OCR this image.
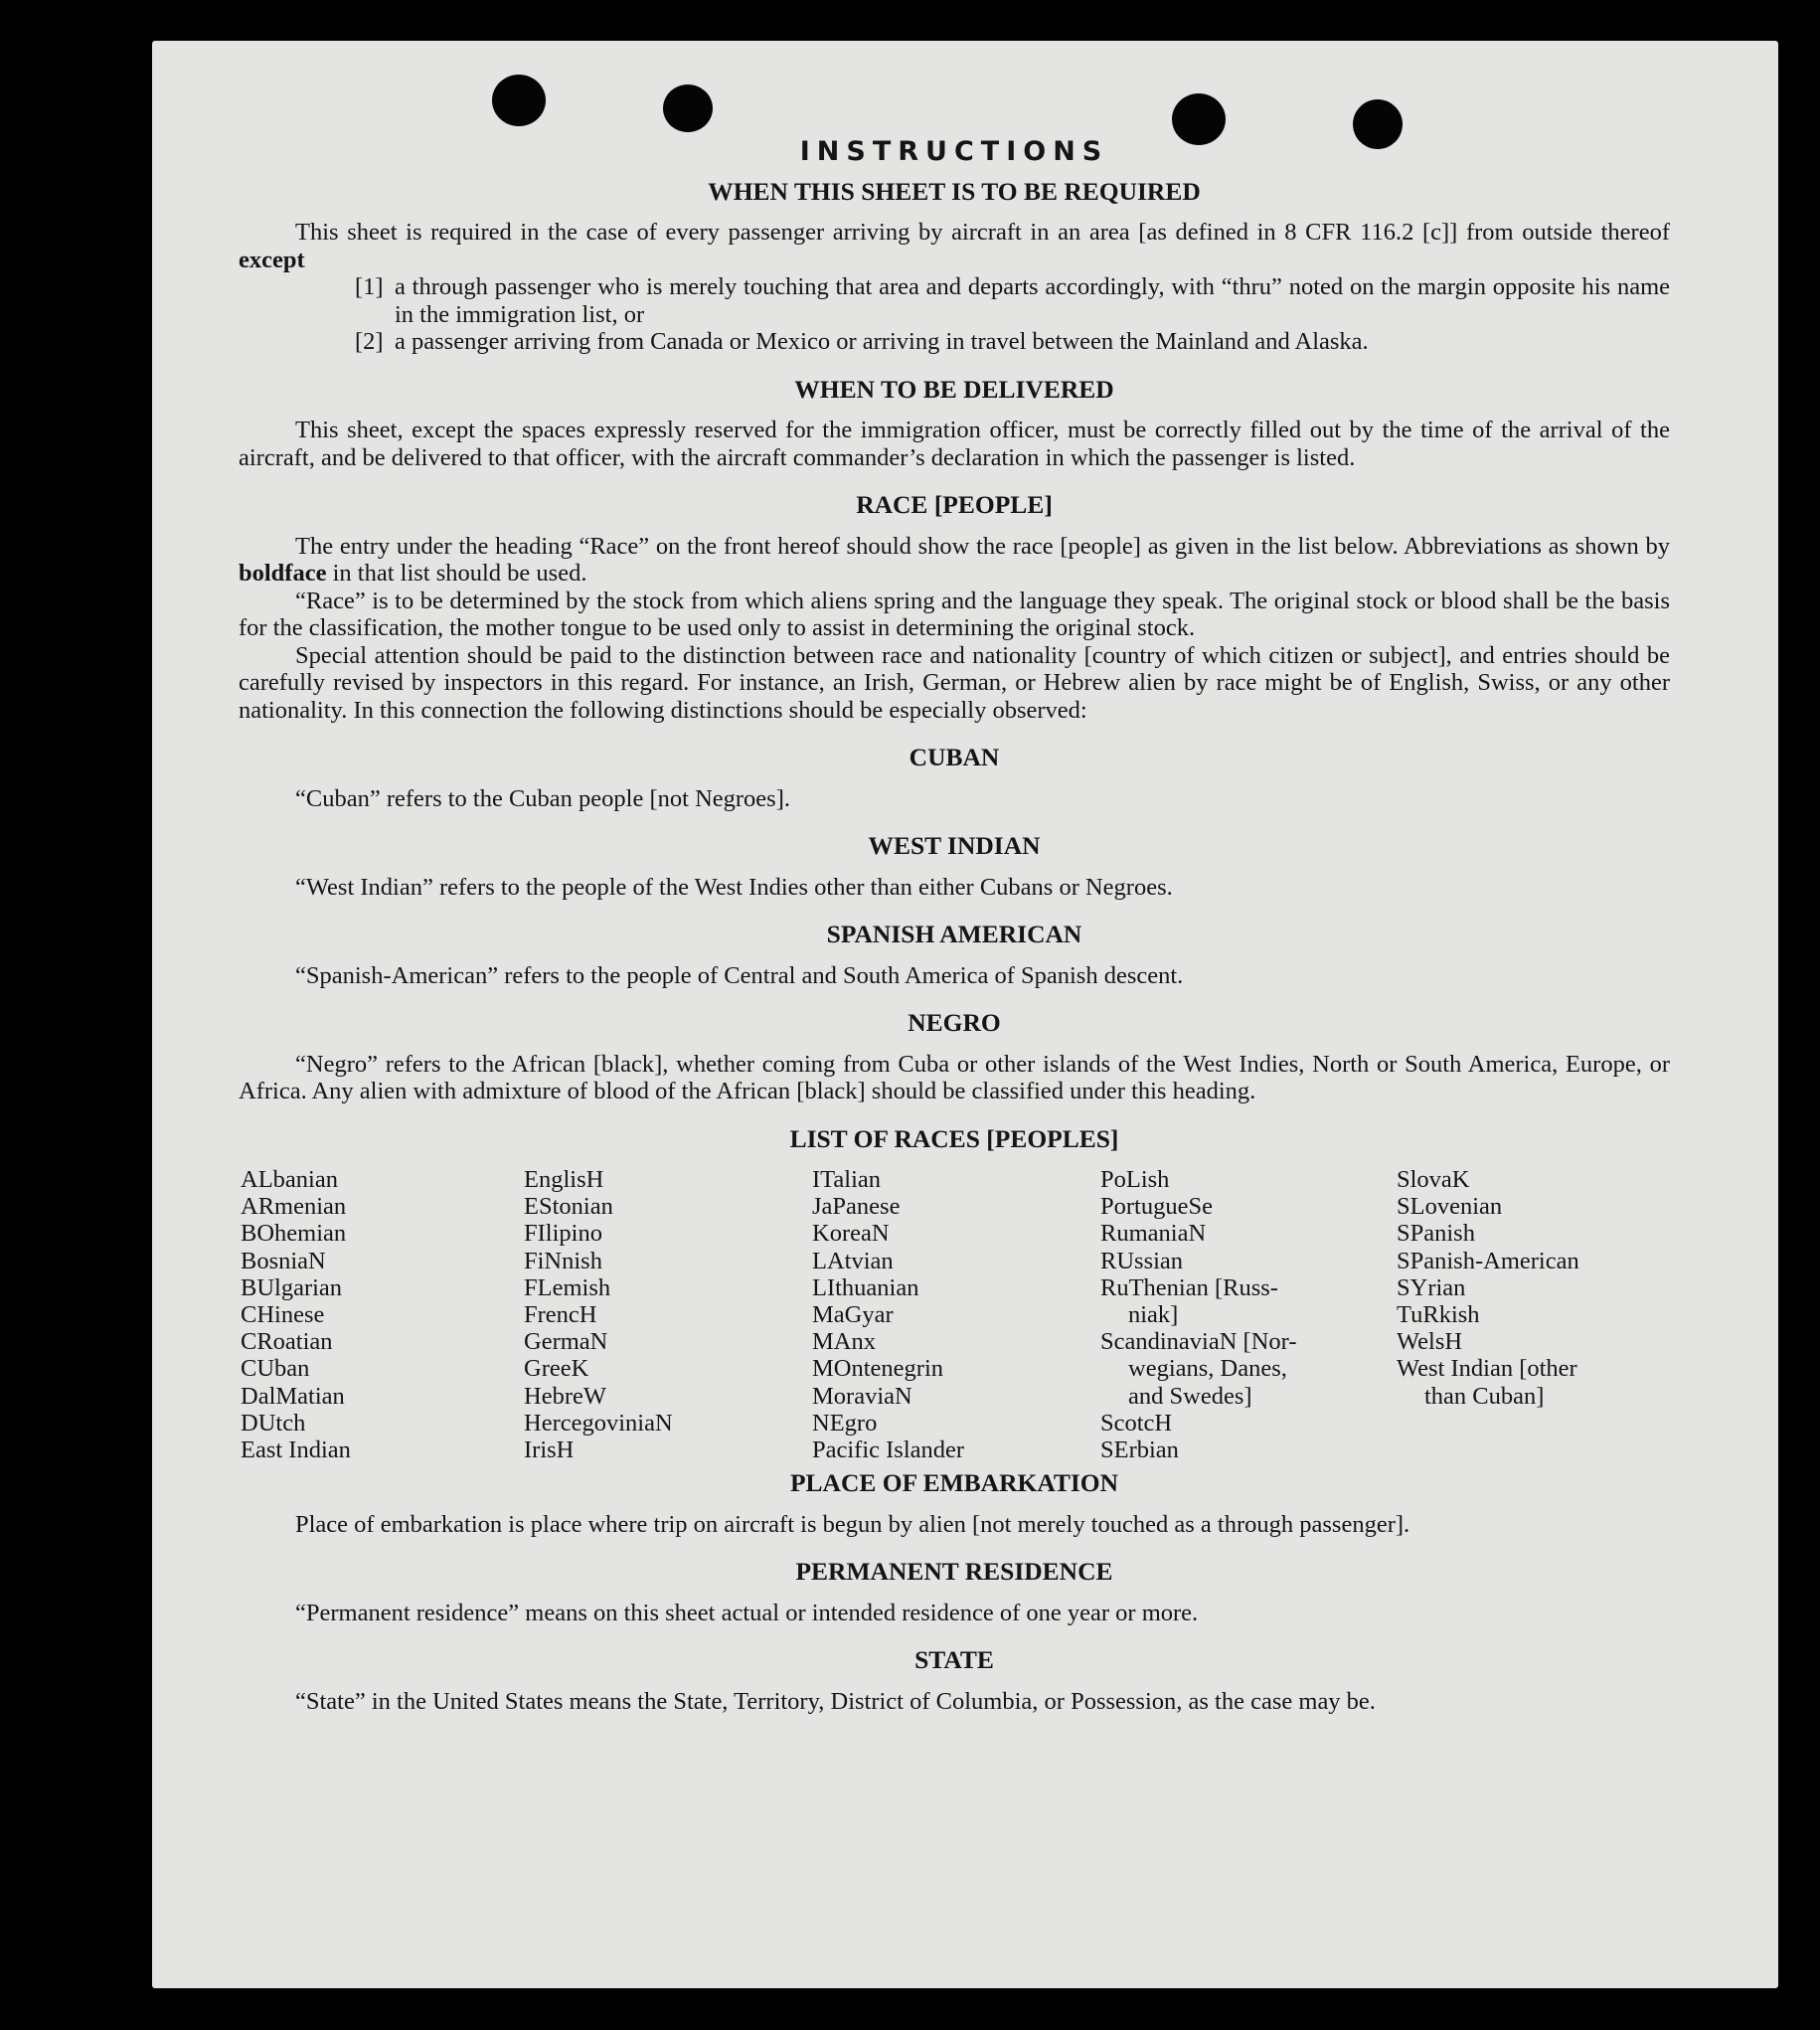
INSTRUCTIONS
WHEN THIS SHEET IS TO BE REQUIRED

This sheet is required in the case of every passenger arriving by aircraft in an area [as defined in 8 CFR 116.2 [c]] from outside thereof except

[1] a through passenger who is merely touching that area and departs accordingly, with “thru” noted on the margin opposite his name in the immigration list, or
[2] a passenger arriving from Canada or Mexico or arriving in travel between the Mainland and Alaska.
WHEN TO BE DELIVERED

This sheet, except the spaces expressly reserved for the immigration officer, must be correctly filled out by the time of the arrival of the aircraft, and be delivered to that officer, with the aircraft commander’s declaration in which the passenger is listed.

RACE [PEOPLE]

The entry under the heading “Race” on the front hereof should show the race [people] as given in the list below. Abbreviations as shown by boldface in that list should be used.

“Race” is to be determined by the stock from which aliens spring and the language they speak. The original stock or blood shall be the basis for the classification, the mother tongue to be used only to assist in determining the original stock.

Special attention should be paid to the distinction between race and nationality [country of which citizen or subject], and entries should be carefully revised by inspectors in this regard. For instance, an Irish, German, or Hebrew alien by race might be of English, Swiss, or any other nationality. In this connection the following distinctions should be especially observed:

CUBAN

“Cuban” refers to the Cuban people [not Negroes].

WEST INDIAN

“West Indian” refers to the people of the West Indies other than either Cubans or Negroes.

SPANISH AMERICAN

“Spanish-American” refers to the people of Central and South America of Spanish descent.

NEGRO

“Negro” refers to the African [black], whether coming from Cuba or other islands of the West Indies, North or South America, Europe, or Africa. Any alien with admixture of blood of the African [black] should be classified under this heading.

LIST OF RACES [PEOPLES]
ALbanian
ARmenian
BOhemian
BosniaN
BUlgarian
CHinese
CRoatian
CUban
DalMatian
DUtch
East Indian
EnglisH
EStonian
FIlipino
FiNnish
FLemish
FrencH
GermaN
GreeK
HebreW
HercegoviniaN
IrisH
ITalian
JaPanese
KoreaN
LAtvian
LIthuanian
MaGyar
MAnx
MOntenegrin
MoraviaN
NEgro
Pacific Islander
PoLish
PortugueSe
RumaniaN
RUssian
RuThenian [Russ-
niak]
ScandinaviaN [Nor-
wegians, Danes,
and Swedes]
ScotcH
SErbian
SlovaK
SLovenian
SPanish
SPanish-American
SYrian
TuRkish
WelsH
West Indian [other
than Cuban]
PLACE OF EMBARKATION

Place of embarkation is place where trip on aircraft is begun by alien [not merely touched as a through passenger].

PERMANENT RESIDENCE

“Permanent residence” means on this sheet actual or intended residence of one year or more.

STATE

“State” in the United States means the State, Territory, District of Columbia, or Possession, as the case may be.
